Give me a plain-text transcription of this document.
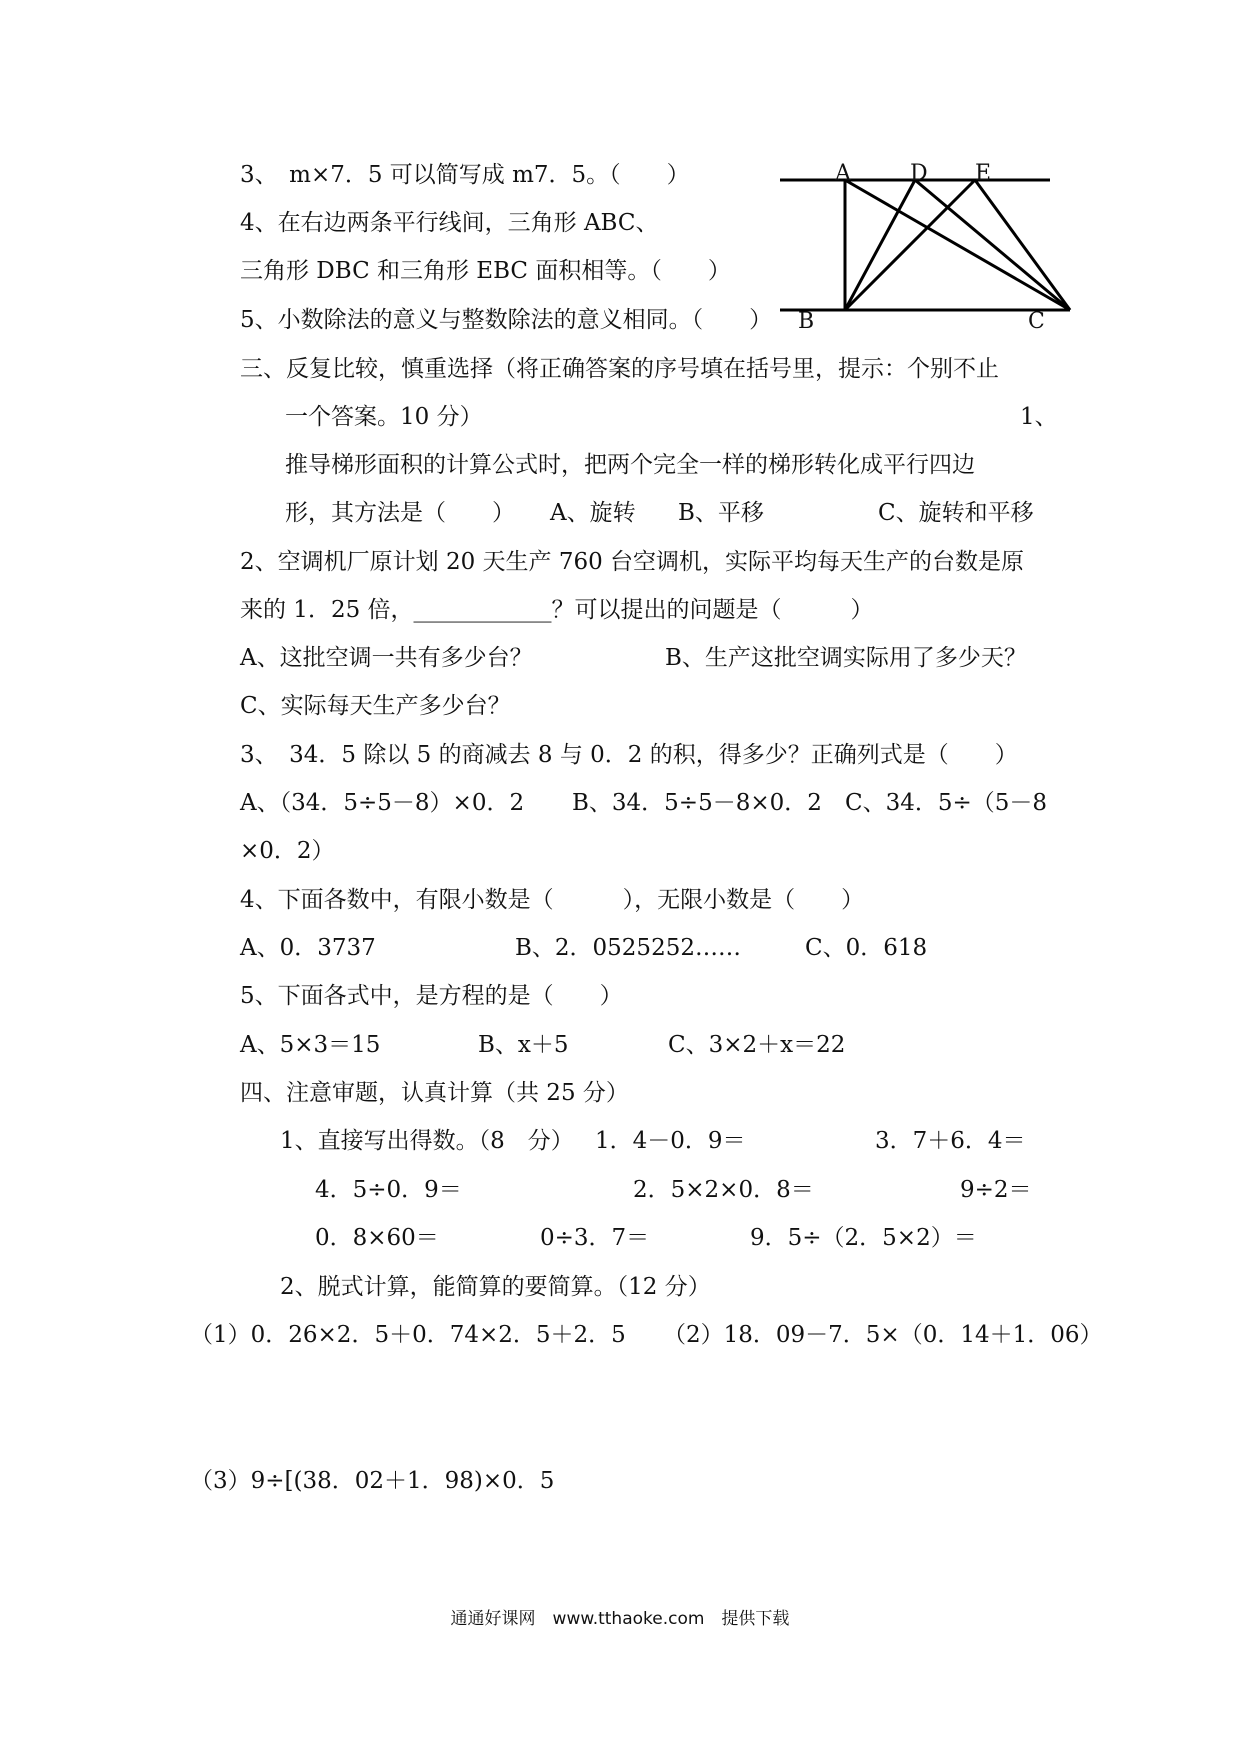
3、　m×7．5 可以简写成 m7．5。（　　）
4、在右边两条平行线间，三角形 ABC、
三角形 DBC 和三角形 EBC 面积相等。（　　）
5、小数除法的意义与整数除法的意义相同。（　　）
A	D E
B	C
三、反复比较，慎重选择（将正确答案的序号填在括号里，提示：个别不止
一个答案。10 分）	1、
推导梯形面积的计算公式时，把两个完全一样的梯形转化成平行四边
形，其方法是（　　） A、旋转 B、平移	C、旋转和平移
2、空调机厂原计划 20 天生产 760 台空调机，实际平均每天生产的台数是原
来的 1．25 倍，____________？可以提出的问题是（　　　）
A、这批空调一共有多少台？	B、生产这批空调实际用了多少天？
C、实际每天生产多少台？
3、　34．5 除以 5 的商减去 8 与 0．2 的积，得多少？正确列式是（　　）
A、（34．5÷5－8）×0．2 B、34．5÷5－8×0．2 C、34．5÷（5－8
×0．2）
4、下面各数中，有限小数是（　　　），无限小数是（　　）
A、0．3737	B、2．0525252……	C、0．618
5、下面各式中，是方程的是（　　）
A、5×3＝15	B、x＋5	C、3×2＋x＝22
四、注意审题，认真计算（共 25 分）
1、直接写出得数。（8　分） 1．4－0．9＝	3．7＋6．4＝
4．5÷0．9＝	2．5×2×0．8＝	9÷2＝
0．8×60＝	0÷3．7＝	9．5÷（2．5×2）＝
2、脱式计算，能简算的要简算。（12 分）
（1）0．26×2．5＋0．74×2．5＋2．5 （2）18．09－7．5×（0．14＋1．06）
（3）9÷[(38．02＋1．98)×0．5
通通好课网　www.tthaoke.com　提供下载
